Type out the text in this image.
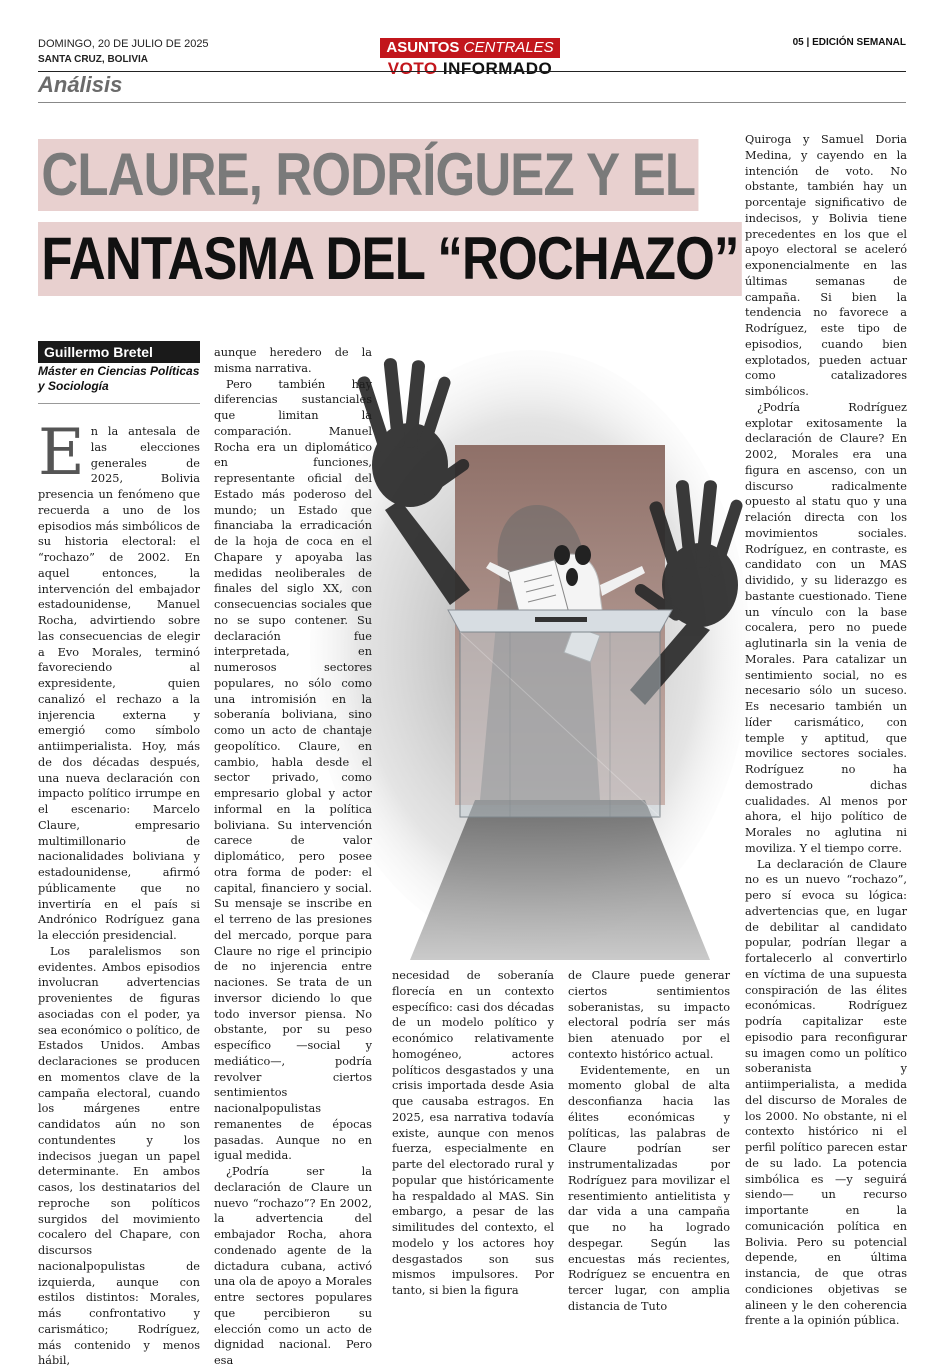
DOMINGO, 20 DE JULIO DE 2025
SANTA CRUZ, BOLIVIA
ASUNTOS CENTRALES
VOTO INFORMADO
05 | EDICIÓN SEMANAL
Análisis
CLAURE, RODRÍGUEZ Y EL
FANTASMA DEL “ROCHAZO”
Guillermo Bretel
Máster en Ciencias Políticas y Sociología

En la antesala de las elecciones generales de 2025, Bolivia presencia un fenómeno que recuerda a uno de los episodios más simbólicos de su historia electoral: el “rochazo” de 2002. En aquel entonces, la intervención del embajador estadounidense, Manuel Rocha, advirtiendo sobre las consecuencias de elegir a Evo Morales, terminó favoreciendo al expresidente, quien canalizó el rechazo a la injerencia externa y emergió como símbolo antiimperialista. Hoy, más de dos décadas después, una nueva declaración con impacto político irrumpe en el escenario: Marcelo Claure, empresario multimillonario de nacionalidades boliviana y estadounidense, afirmó públicamente que no invertiría en el país si Andrónico Rodríguez gana la elección presidencial.

Los paralelismos son evidentes. Ambos episodios involucran advertencias provenientes de figuras asociadas con el poder, ya sea económico o político, de Estados Unidos. Ambas declaraciones se producen en momentos clave de la campaña electoral, cuando los márgenes entre candidatos aún no son contundentes y los indecisos juegan un papel determinante. En ambos casos, los destinatarios del reproche son políticos surgidos del movimiento cocalero del Chapare, con discursos nacionalpopulistas de izquierda, aunque con estilos distintos: Morales, más confrontativo y carismático; Rodríguez, más contenido y menos hábil,

aunque heredero de la misma narrativa.

Pero también hay diferencias sustanciales que limitan la comparación. Manuel Rocha era un diplomático en funciones, representante oficial del Estado más poderoso del mundo; un Estado que financiaba la erradicación de la hoja de coca en el Chapare y apoyaba las medidas neoliberales de finales del siglo XX, con consecuencias sociales que no se supo contener. Su declaración fue interpretada, en numerosos sectores populares, no sólo como una intromisión en la soberanía boliviana, sino como un acto de chantaje geopolítico. Claure, en cambio, habla desde el sector privado, como empresario global y actor informal en la política boliviana. Su intervención carece de valor diplomático, pero posee otra forma de poder: el capital, financiero y social. Su mensaje se inscribe en el terreno de las presiones del mercado, porque para Claure no rige el principio de no injerencia entre naciones. Se trata de un inversor diciendo lo que todo inversor piensa. No obstante, por su peso específico —social y mediático—, podría revolver ciertos sentimientos nacionalpopulistas remanentes de épocas pasadas. Aunque no en igual medida.

¿Podría ser la declaración de Claure un nuevo “rochazo”? En 2002, la advertencia del embajador Rocha, ahora condenado agente de la dictadura cubana, activó una ola de apoyo a Morales entre sectores populares que percibieron su elección como un acto de dignidad nacional. Pero esa

necesidad de soberanía florecía en un contexto específico: casi dos décadas de un modelo político y económico relativamente homogéneo, actores políticos desgastados y una crisis importada desde Asia que causaba estragos. En 2025, esa narrativa todavía existe, aunque con menos fuerza, especialmente en parte del electorado rural y popular que históricamente ha respaldado al MAS. Sin embargo, a pesar de las similitudes del contexto, el modelo y los actores hoy desgastados son sus mismos impulsores. Por tanto, si bien la figura

de Claure puede generar ciertos sentimientos soberanistas, su impacto electoral podría ser más bien atenuado por el contexto histórico actual.

Evidentemente, en un momento global de alta desconfianza hacia las élites económicas y políticas, las palabras de Claure podrían ser instrumentalizadas por Rodríguez para movilizar el resentimiento antielitista y dar vida a una campaña que no ha logrado despegar. Según las encuestas más recientes, Rodríguez se encuentra en tercer lugar, con amplia distancia de Tuto

Quiroga y Samuel Doria Medina, y cayendo en la intención de voto. No obstante, también hay un porcentaje significativo de indecisos, y Bolivia tiene precedentes en los que el apoyo electoral se aceleró exponencialmente en las últimas semanas de campaña. Si bien la tendencia no favorece a Rodríguez, este tipo de episodios, cuando bien explotados, pueden actuar como catalizadores simbólicos.

¿Podría Rodríguez explotar exitosamente la declaración de Claure? En 2002, Morales era una figura en ascenso, con un discurso radicalmente opuesto al statu quo y una relación directa con los movimientos sociales. Rodríguez, en contraste, es candidato con un MAS dividido, y su liderazgo es bastante cuestionado. Tiene un vínculo con la base cocalera, pero no puede aglutinarla sin la venia de Morales. Para catalizar un sentimiento social, no es necesario sólo un suceso. Es necesario también un líder carismático, con temple y aptitud, que movilice sectores sociales. Rodríguez no ha demostrado dichas cualidades. Al menos por ahora, el hijo político de Morales no aglutina ni moviliza. Y el tiempo corre.

La declaración de Claure no es un nuevo “rochazo”, pero sí evoca su lógica: advertencias que, en lugar de debilitar al candidato popular, podrían llegar a fortalecerlo al convertirlo en víctima de una supuesta conspiración de las élites económicas. Rodríguez podría capitalizar este episodio para reconfigurar su imagen como un político soberanista y antiimperialista, a medida del discurso de Morales de los 2000. No obstante, ni el contexto histórico ni el perfil político parecen estar de su lado. La potencia simbólica es —y seguirá siendo— un recurso importante en la comunicación política en Bolivia. Pero su potencial depende, en última instancia, de que otras condiciones objetivas se alineen y le den coherencia frente a la opinión pública.
